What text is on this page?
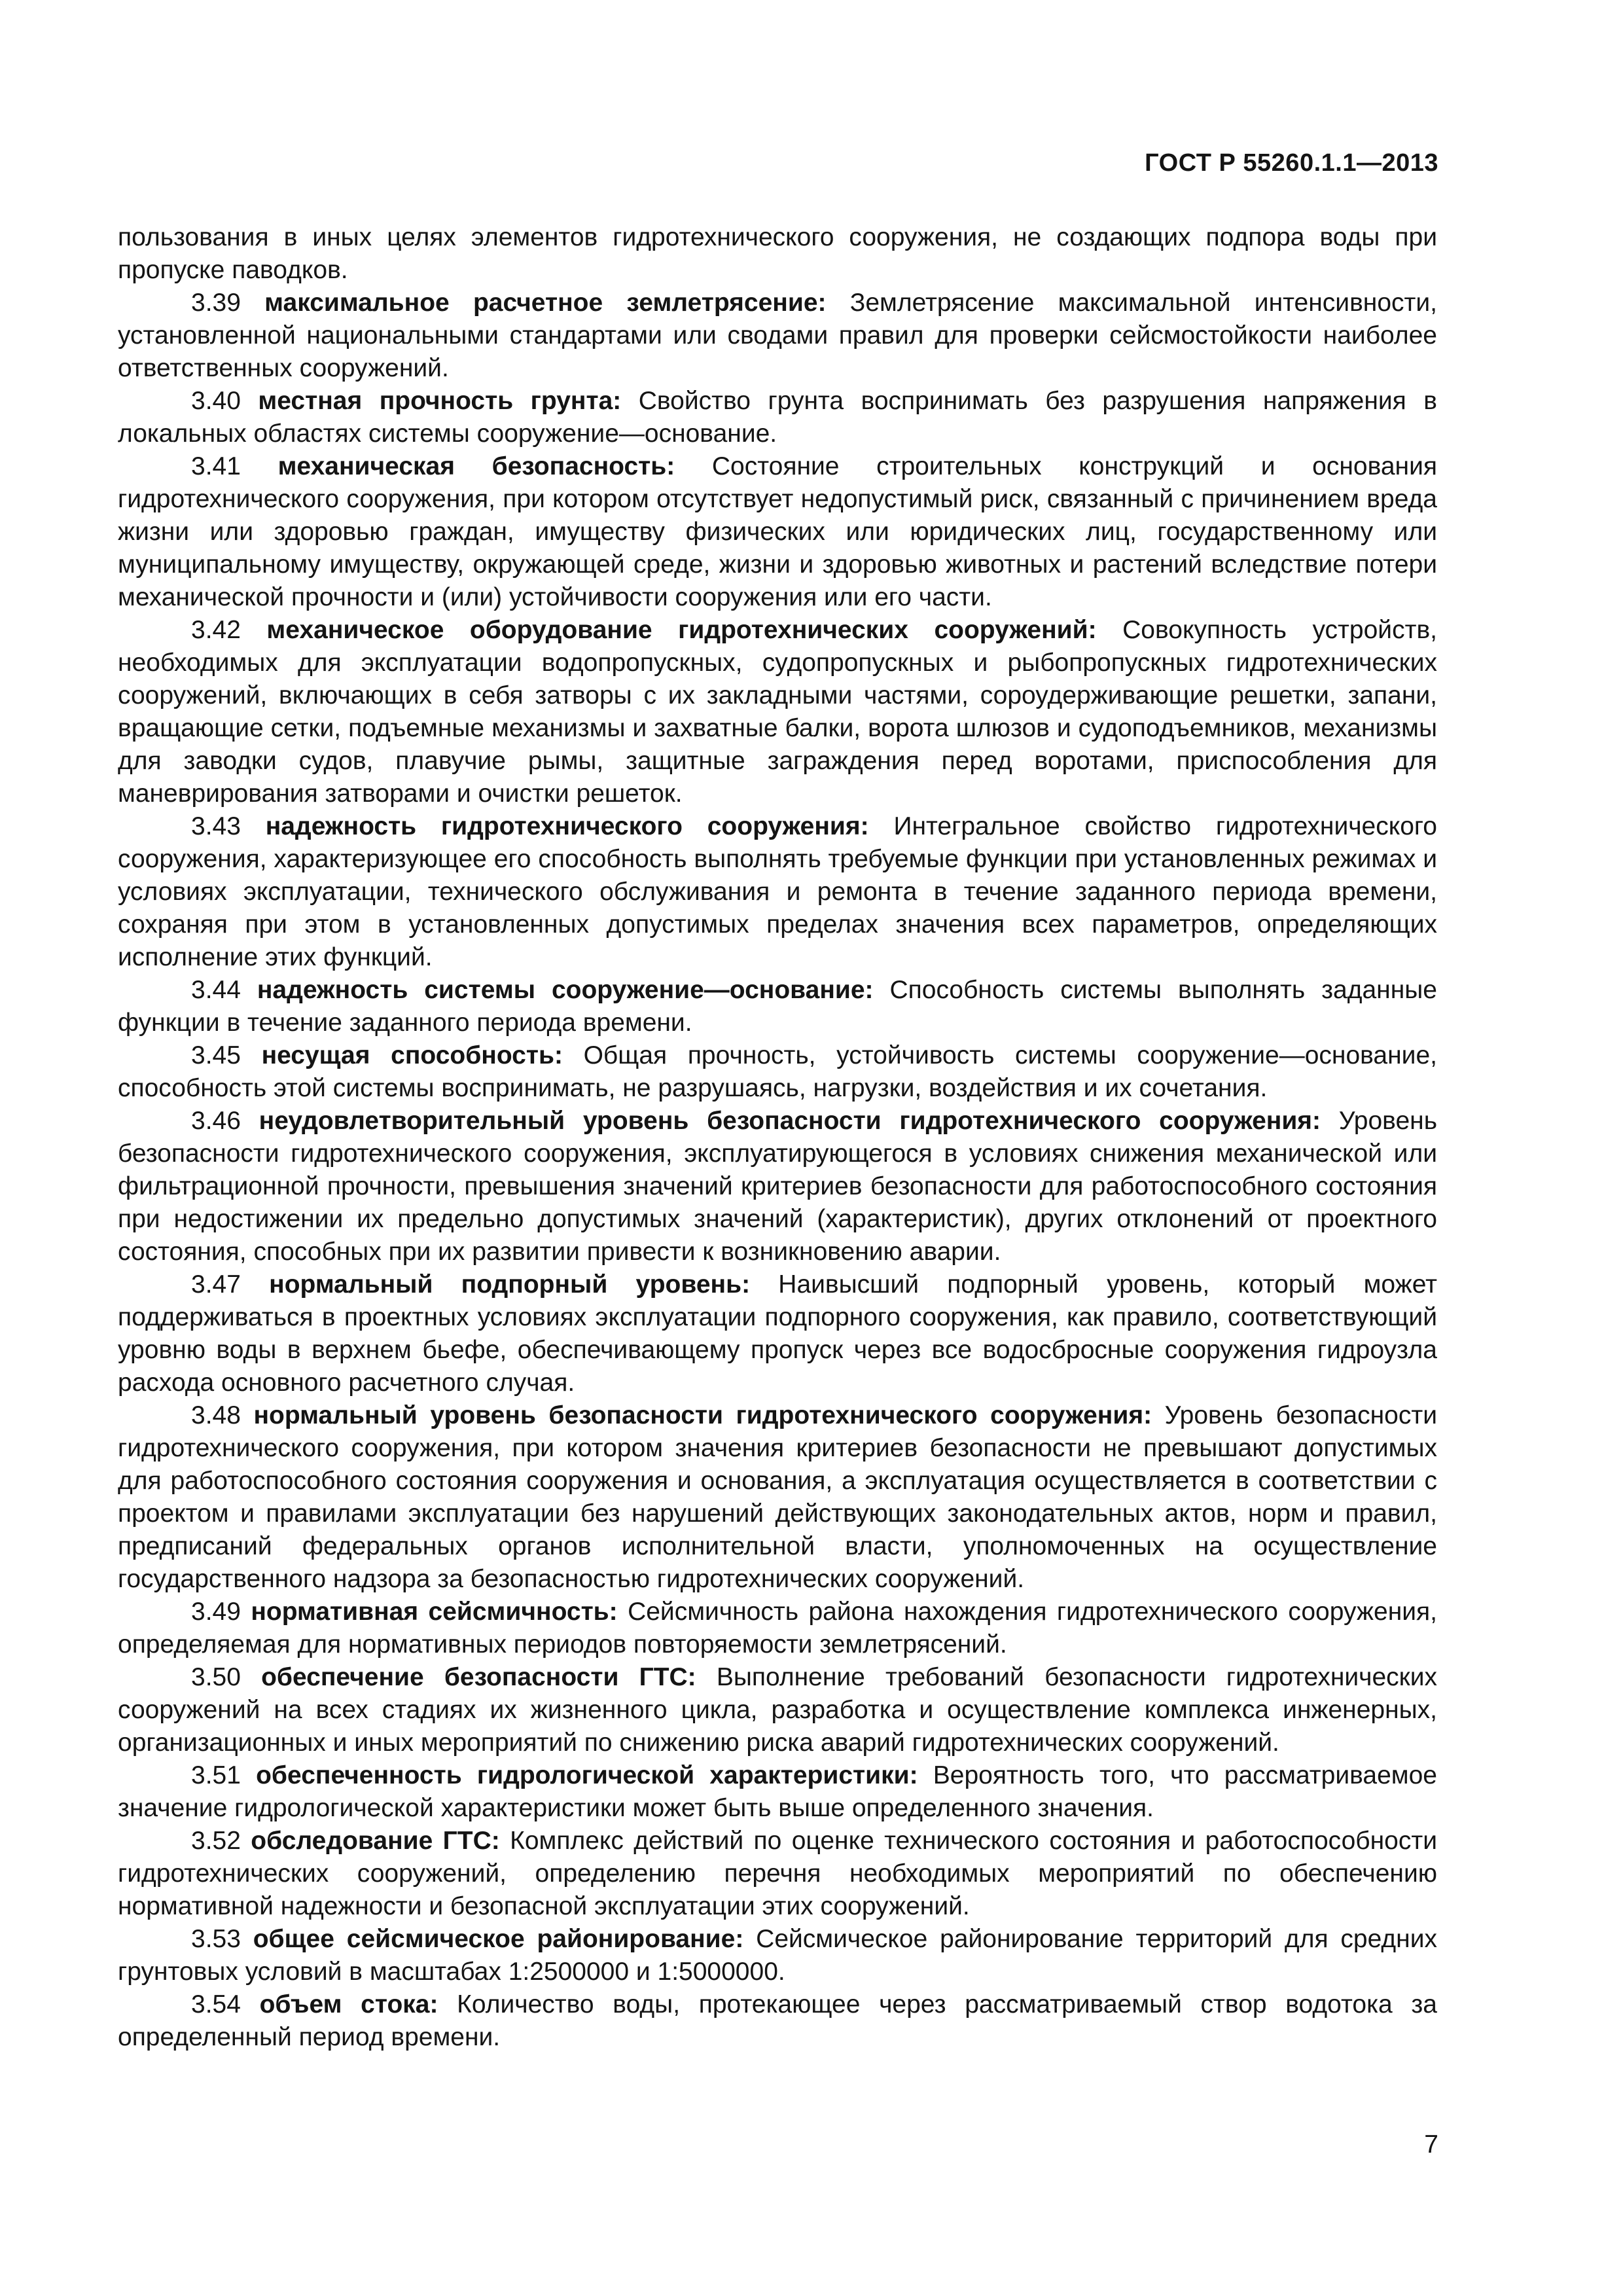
ГОСТ Р 55260.1.1—2013

пользования в иных целях элементов гидротехнического сооружения, не создающих подпора воды при пропуске паводков.

3.39 максимальное расчетное землетрясение: Землетрясение максимальной интенсивности, установленной национальными стандартами или сводами правил для проверки сейсмостойкости наиболее ответственных сооружений.

3.40 местная прочность грунта: Свойство грунта воспринимать без разрушения напряжения в локальных областях системы сооружение—основание.

3.41 механическая безопасность: Состояние строительных конструкций и основания гидротехнического сооружения, при котором отсутствует недопустимый риск, связанный с причинением вреда жизни или здоровью граждан, имуществу физических или юридических лиц, государственному или муниципальному имуществу, окружающей среде, жизни и здоровью животных и растений вследствие потери механической прочности и (или) устойчивости сооружения или его части.

3.42 механическое оборудование гидротехнических сооружений: Совокупность устройств, необходимых для эксплуатации водопропускных, судопропускных и рыбопропускных гидротехнических сооружений, включающих в себя затворы с их закладными частями, сороудерживающие решетки, запани, вращающие сетки, подъемные механизмы и захватные балки, ворота шлюзов и судоподъемников, механизмы для заводки судов, плавучие рымы, защитные заграждения перед воротами, приспособления для маневрирования затворами и очистки решеток.

3.43 надежность гидротехнического сооружения: Интегральное свойство гидротехнического сооружения, характеризующее его способность выполнять требуемые функции при установленных режимах и условиях эксплуатации, технического обслуживания и ремонта в течение заданного периода времени, сохраняя при этом в установленных допустимых пределах значения всех параметров, определяющих исполнение этих функций.

3.44 надежность системы сооружение—основание: Способность системы выполнять заданные функции в течение заданного периода времени.

3.45 несущая способность: Общая прочность, устойчивость системы сооружение—основание, способность этой системы воспринимать, не разрушаясь, нагрузки, воздействия и их сочетания.

3.46 неудовлетворительный уровень безопасности гидротехнического сооружения: Уровень безопасности гидротехнического сооружения, эксплуатирующегося в условиях снижения механической или фильтрационной прочности, превышения значений критериев безопасности для работоспособного состояния при недостижении их предельно допустимых значений (характеристик), других отклонений от проектного состояния, способных при их развитии привести к возникновению аварии.

3.47 нормальный подпорный уровень: Наивысший подпорный уровень, который может поддерживаться в проектных условиях эксплуатации подпорного сооружения, как правило, соответствующий уровню воды в верхнем бьефе, обеспечивающему пропуск через все водосбросные сооружения гидроузла расхода основного расчетного случая.

3.48 нормальный уровень безопасности гидротехнического сооружения: Уровень безопасности гидротехнического сооружения, при котором значения критериев безопасности не превышают допустимых для работоспособного состояния сооружения и основания, а эксплуатация осуществляется в соответствии с проектом и правилами эксплуатации без нарушений действующих законодательных актов, норм и правил, предписаний федеральных органов исполнительной власти, уполномоченных на осуществление государственного надзора за безопасностью гидротехнических сооружений.

3.49 нормативная сейсмичность: Сейсмичность района нахождения гидротехнического сооружения, определяемая для нормативных периодов повторяемости землетрясений.

3.50 обеспечение безопасности ГТС: Выполнение требований безопасности гидротехнических сооружений на всех стадиях их жизненного цикла, разработка и осуществление комплекса инженерных, организационных и иных мероприятий по снижению риска аварий гидротехнических сооружений.

3.51 обеспеченность гидрологической характеристики: Вероятность того, что рассматриваемое значение гидрологической характеристики может быть выше определенного значения.

3.52 обследование ГТС: Комплекс действий по оценке технического состояния и работоспособности гидротехнических сооружений, определению перечня необходимых мероприятий по обеспечению нормативной надежности и безопасной эксплуатации этих сооружений.

3.53 общее сейсмическое районирование: Сейсмическое районирование территорий для средних грунтовых условий в масштабах 1:2500000 и 1:5000000.

3.54 объем стока: Количество воды, протекающее через рассматриваемый створ водотока за определенный период времени.

7
